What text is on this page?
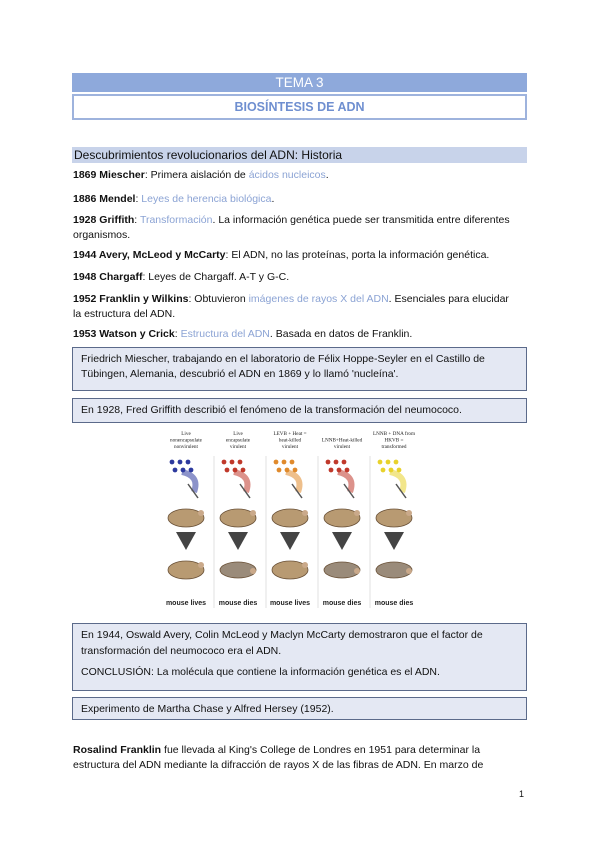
TEMA 3
BIOSÍNTESIS DE ADN
Descubrimientos revolucionarios del ADN: Historia
1869 Miescher: Primera aislación de ácidos nucleicos.
1886 Mendel: Leyes de herencia biológica.
1928 Griffith: Transformación. La información genética puede ser transmitida entre diferentes organismos.
1944 Avery, McLeod y McCarty: El ADN, no las proteínas, porta la información genética.
1948 Chargaff: Leyes de Chargaff. A-T y G-C.
1952 Franklin y Wilkins: Obtuvieron imágenes de rayos X del ADN. Esenciales para elucidar la estructura del ADN.
1953 Watson y Crick: Estructura del ADN. Basada en datos de Franklin.

Friedrich Miescher, trabajando en el laboratorio de Félix Hoppe-Seyler en el Castillo de Tübingen, Alemania, descubrió el ADN en 1869 y lo llamó 'nucleína'.

En 1928, Fred Griffith describió el fenómeno de la transformación del neumococo.

Live
nonencapsulate
nonvirulent
mouse lives
Live
encapsulate
virulent
mouse dies
LEVB + Heat =
heat-killed
virulent
mouse lives
LNNB+Heat-killed
virulent
mouse dies
LNNB + DNA from
HKVB =
transformed
mouse dies

En 1944, Oswald Avery, Colin McLeod y Maclyn McCarty demostraron que el factor de transformación del neumococo era el ADN.

CONCLUSIÓN: La molécula que contiene la información genética es el ADN.

Experimento de Martha Chase y Alfred Hersey (1952).

Rosalind Franklin fue llevada al King's College de Londres en 1951 para determinar la estructura del ADN mediante la difracción de rayos X de las fibras de ADN. En marzo de
1
